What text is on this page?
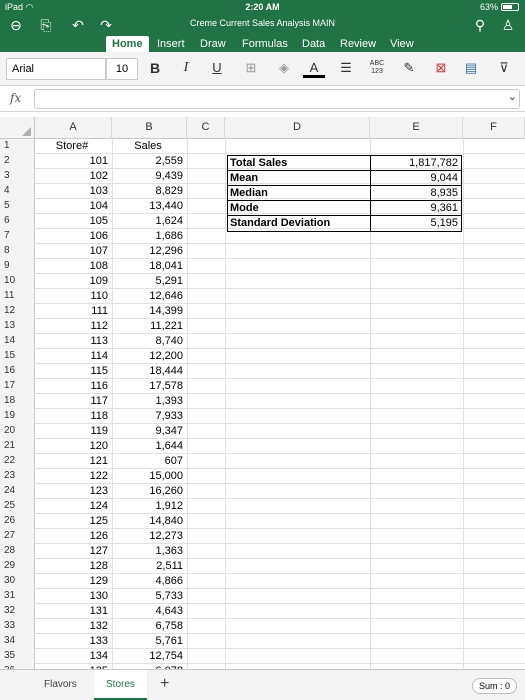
iPad ◠	2:20 AM	63%
⊖	⎘	↶ ↷	Creme Current Sales Analysis MAIN	⚲	♙
Home	Insert	Draw	Formulas	Data	Review	View
Arial	10	B	I	U	⊞	◈	A	☰	ABC
123	✎	⊠	▤	⊽
fx	⌄
A	B	C	D	E	F
1	Store#	Sales
2	101	2,559
3	102	9,439
4	103	8,829
5	104	13,440
6	105	1,624
7	106	1,686
8	107	12,296
9	108	18,041
10	109	5,291
11	110	12,646
12	111	14,399
13	112	11,221
14	113	8,740
15	114	12,200
16	115	18,444
17	116	17,578
18	117	1,393
19	118	7,933
20	119	9,347
21	120	1,644
22	121	607
23	122	15,000
24	123	16,260
25	124	1,912
26	125	14,840
27	126	12,273
28	127	1,363
29	128	2,511
30	129	4,866
31	130	5,733
32	131	4,643
33	132	6,758
34	133	5,761
35	134	12,754
Total Sales	1,817,782
Mean	9,044
Median	8,935
Mode	9,361
Standard Deviation	5,195
Flavors	Stores	+	Sum : 0
